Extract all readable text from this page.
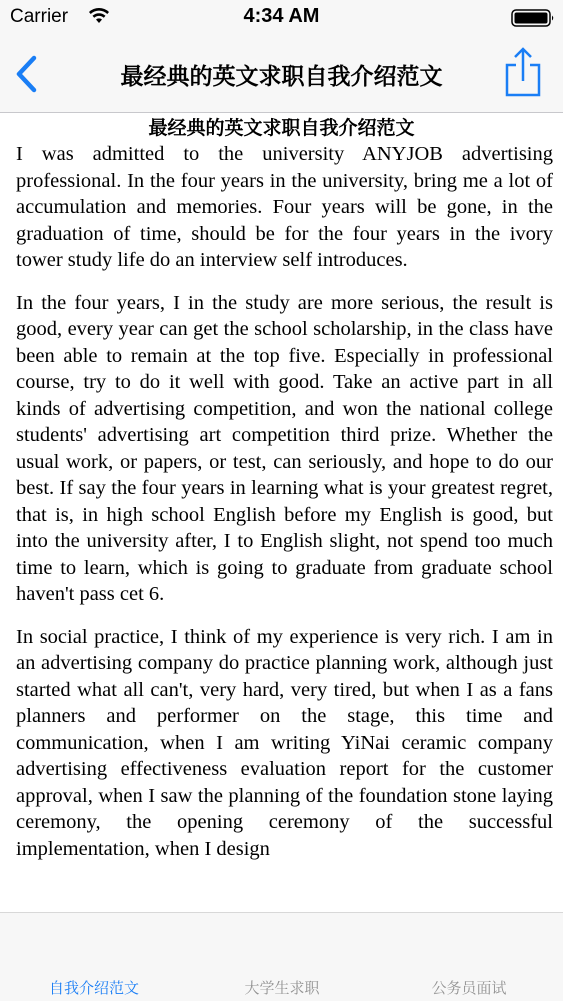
Carrier	4:34 AM
最经典的英文求职自我介绍范文
最经典的英文求职自我介绍范文

I was admitted to the university ANYJOB advertising professional. In the four years in the university, bring me a lot of accumulation and memories. Four years will be gone, in the graduation of time, should be for the four years in the ivory tower study life do an interview self introduces.

In the four years, I in the study are more serious, the result is good, every year can get the school scholarship, in the class have been able to remain at the top five. Especially in professional course, try to do it well with good. Take an active part in all kinds of advertising competition, and won the national college students' advertising art competition third prize. Whether the usual work, or papers, or test, can seriously, and hope to do our best. If say the four years in learning what is your greatest regret, that is, in high school English before my English is good, but into the university after, I to English slight, not spend too much time to learn, which is going to graduate from graduate school haven't pass cet 6.

In social practice, I think of my experience is very rich. I am in an advertising company do practice planning work, although just started what all can't, very hard, very tired, but when I as a fans planners and performer on the stage, this time and communication, when I am writing YiNai ceramic company advertising effectiveness evaluation report for the customer approval, when I saw the planning of the foundation stone laying ceremony, the opening ceremony of the successful implementation, when I design

自我介绍范文	大学生求职	公务员面试
